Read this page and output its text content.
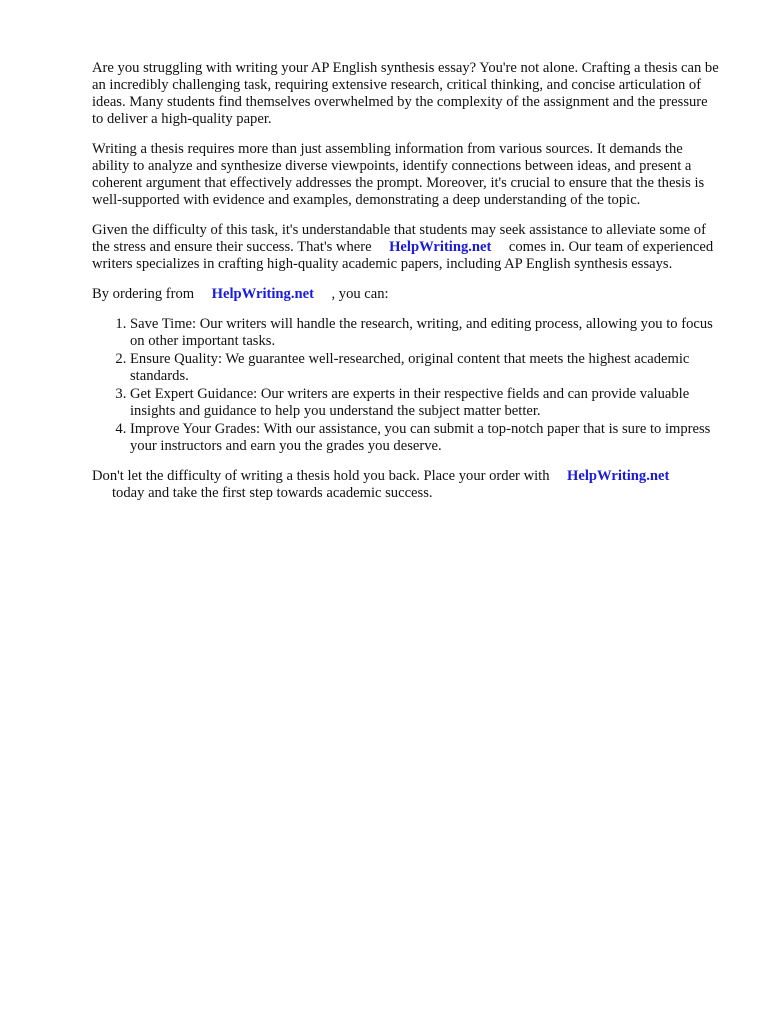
Are you struggling with writing your AP English synthesis essay? You're not alone. Crafting a thesis can be an incredibly challenging task, requiring extensive research, critical thinking, and concise articulation of ideas. Many students find themselves overwhelmed by the complexity of the assignment and the pressure to deliver a high-quality paper.

Writing a thesis requires more than just assembling information from various sources. It demands the ability to analyze and synthesize diverse viewpoints, identify connections between ideas, and present a coherent argument that effectively addresses the prompt. Moreover, it's crucial to ensure that the thesis is well-supported with evidence and examples, demonstrating a deep understanding of the topic.

Given the difficulty of this task, it's understandable that students may seek assistance to alleviate some of the stress and ensure their success. That's where HelpWriting.net comes in. Our team of experienced writers specializes in crafting high-quality academic papers, including AP English synthesis essays.

By ordering from HelpWriting.net , you can:

1. Save Time: Our writers will handle the research, writing, and editing process, allowing you to focus on other important tasks.
2. Ensure Quality: We guarantee well-researched, original content that meets the highest academic standards.
3. Get Expert Guidance: Our writers are experts in their respective fields and can provide valuable insights and guidance to help you understand the subject matter better.
4. Improve Your Grades: With our assistance, you can submit a top-notch paper that is sure to impress your instructors and earn you the grades you deserve.

Don't let the difficulty of writing a thesis hold you back. Place your order with HelpWriting.net
today and take the first step towards academic success.
